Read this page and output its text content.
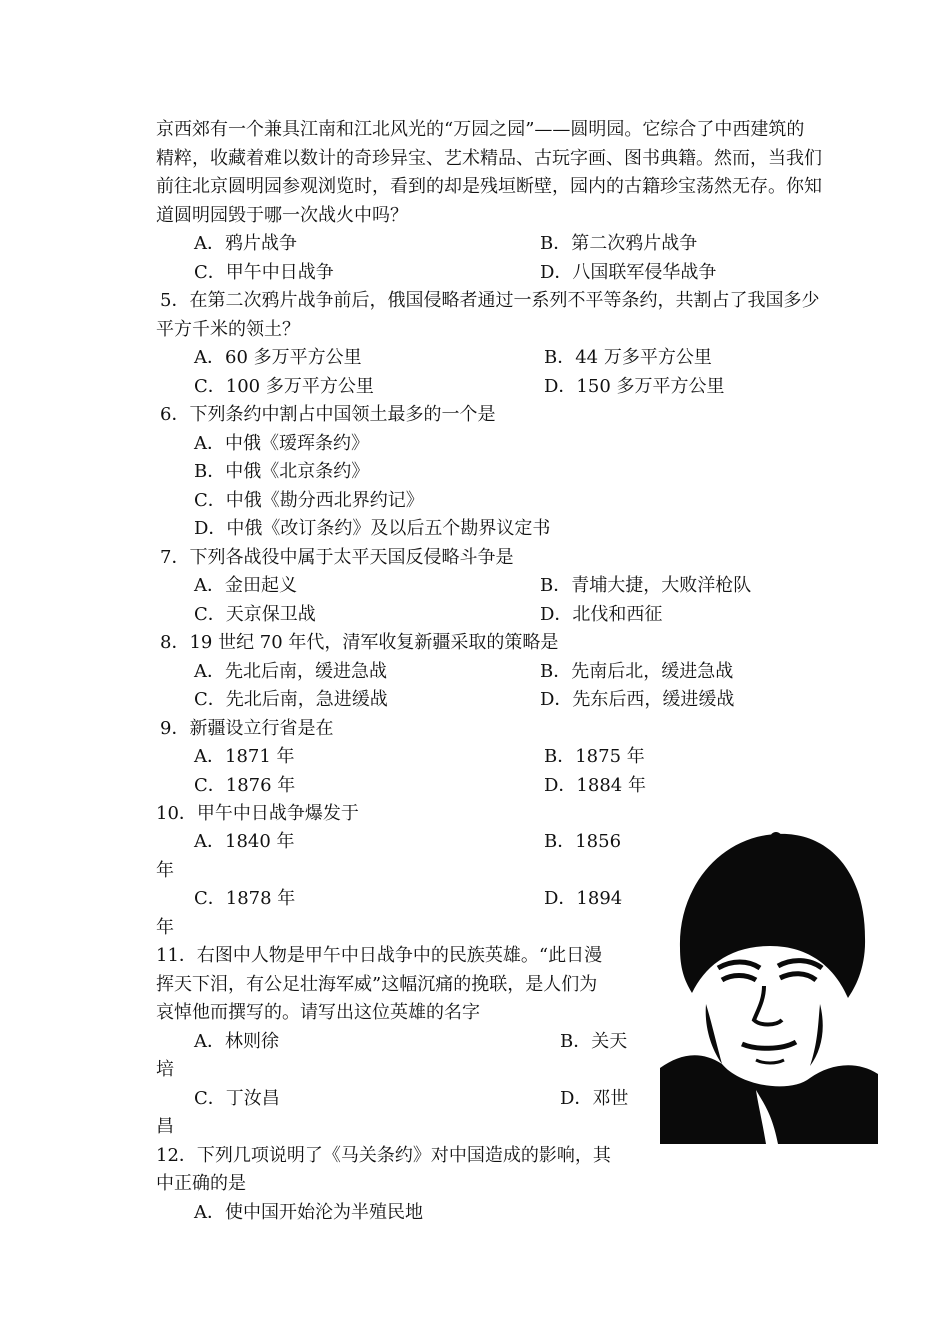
京西郊有一个兼具江南和江北风光的“万园之园”——圆明园。它综合了中西建筑的
精粹，收藏着难以数计的奇珍异宝、艺术精品、古玩字画、图书典籍。然而，当我们
前往北京圆明园参观浏览时，看到的却是残垣断壁，园内的古籍珍宝荡然无存。你知
道圆明园毁于哪一次战火中吗？
A．鸦片战争	B．第二次鸦片战争
C．甲午中日战争	D．八国联军侵华战争
5．在第二次鸦片战争前后，俄国侵略者通过一系列不平等条约，共割占了我国多少
平方千米的领土？
A．60 多万平方公里	B．44 万多平方公里
C．100 多万平方公里	D．150 多万平方公里
6．下列条约中割占中国领土最多的一个是
A．中俄《瑷珲条约》
B．中俄《北京条约》
C．中俄《勘分西北界约记》
D．中俄《改订条约》及以后五个勘界议定书
7．下列各战役中属于太平天国反侵略斗争是
A．金田起义	B．青埔大捷，大败洋枪队
C．天京保卫战	D．北伐和西征
8．19 世纪 70 年代，清军收复新疆采取的策略是
A．先北后南，缓进急战	B．先南后北，缓进急战
C．先北后南，急进缓战	D．先东后西，缓进缓战
9．新疆设立行省是在
A．1871 年	B．1875 年
C．1876 年	D．1884 年
10．甲午中日战争爆发于
A．1840 年	B．1856
年
C．1878 年	D．1894
年
11．右图中人物是甲午中日战争中的民族英雄。“此日漫
挥天下泪，有公足壮海军威”这幅沉痛的挽联，是人们为
哀悼他而撰写的。请写出这位英雄的名字
A．林则徐	B．关天
培
C．丁汝昌	D．邓世
昌
12．下列几项说明了《马关条约》对中国造成的影响，其
中正确的是
A．使中国开始沦为半殖民地
